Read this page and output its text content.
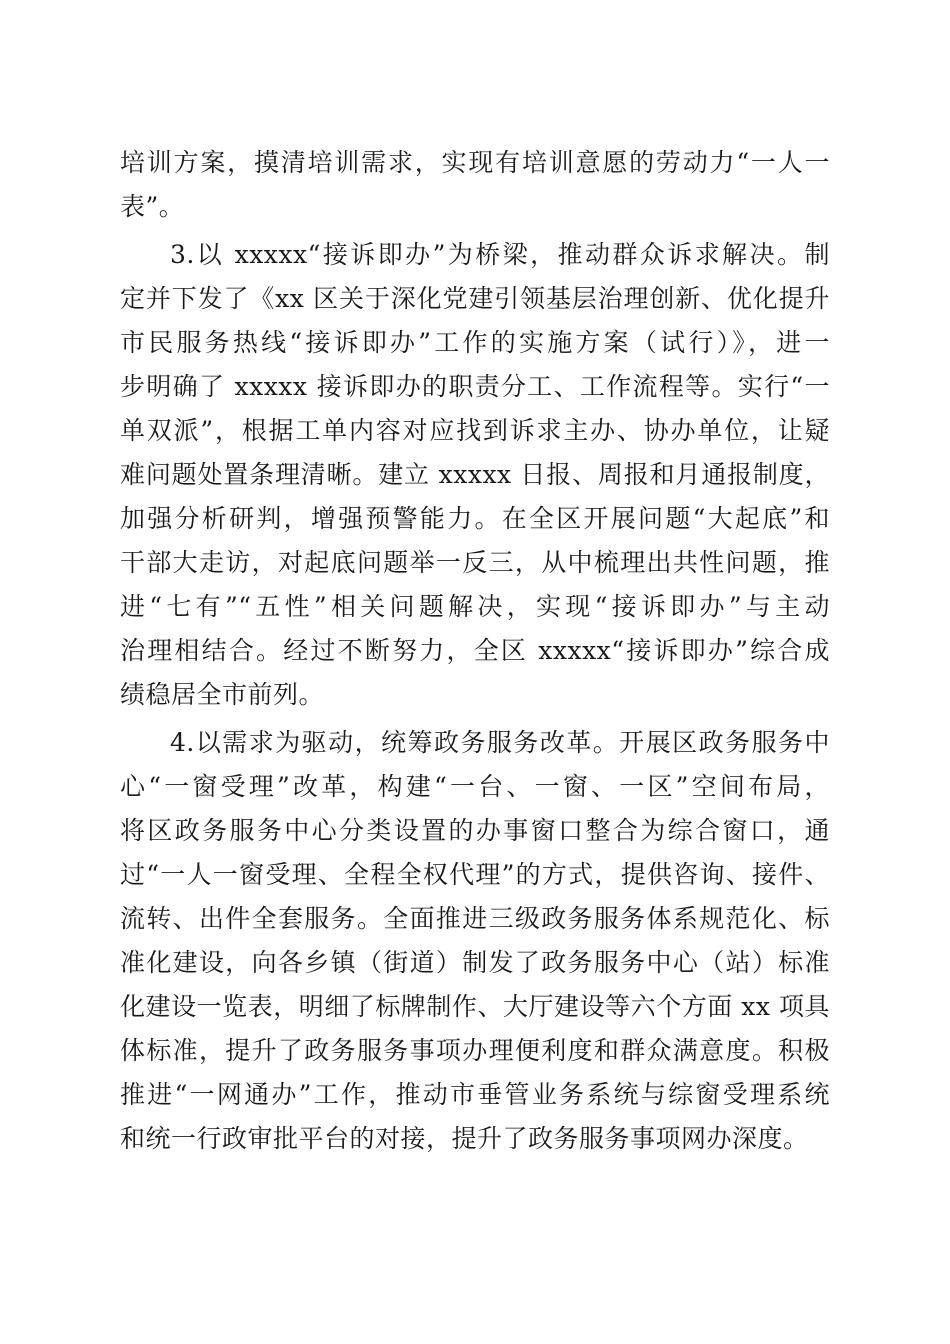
培训方案，摸清培训需求，实现有培训意愿的劳动力“一人一
表”。
3.以 xxxxx“接诉即办”为桥梁，推动群众诉求解决。制
定并下发了《xx 区关于深化党建引领基层治理创新、优化提升
市民服务热线“接诉即办”工作的实施方案（试行）》，进一
步明确了 xxxxx 接诉即办的职责分工、工作流程等。实行“一
单双派”，根据工单内容对应找到诉求主办、协办单位，让疑
难问题处置条理清晰。建立 xxxxx 日报、周报和月通报制度，
加强分析研判，增强预警能力。在全区开展问题“大起底”和
干部大走访，对起底问题举一反三，从中梳理出共性问题，推
进“七有”“五性”相关问题解决，实现“接诉即办”与主动
治理相结合。经过不断努力，全区 xxxxx“接诉即办”综合成
绩稳居全市前列。
4.以需求为驱动，统筹政务服务改革。开展区政务服务中
心“一窗受理”改革，构建“一台、一窗、一区”空间布局，
将区政务服务中心分类设置的办事窗口整合为综合窗口，通
过“一人一窗受理、全程全权代理”的方式，提供咨询、接件、
流转、出件全套服务。全面推进三级政务服务体系规范化、标
准化建设，向各乡镇（街道）制发了政务服务中心（站）标准
化建设一览表，明细了标牌制作、大厅建设等六个方面 xx 项具
体标准，提升了政务服务事项办理便利度和群众满意度。积极
推进“一网通办”工作，推动市垂管业务系统与综窗受理系统
和统一行政审批平台的对接，提升了政务服务事项网办深度。
